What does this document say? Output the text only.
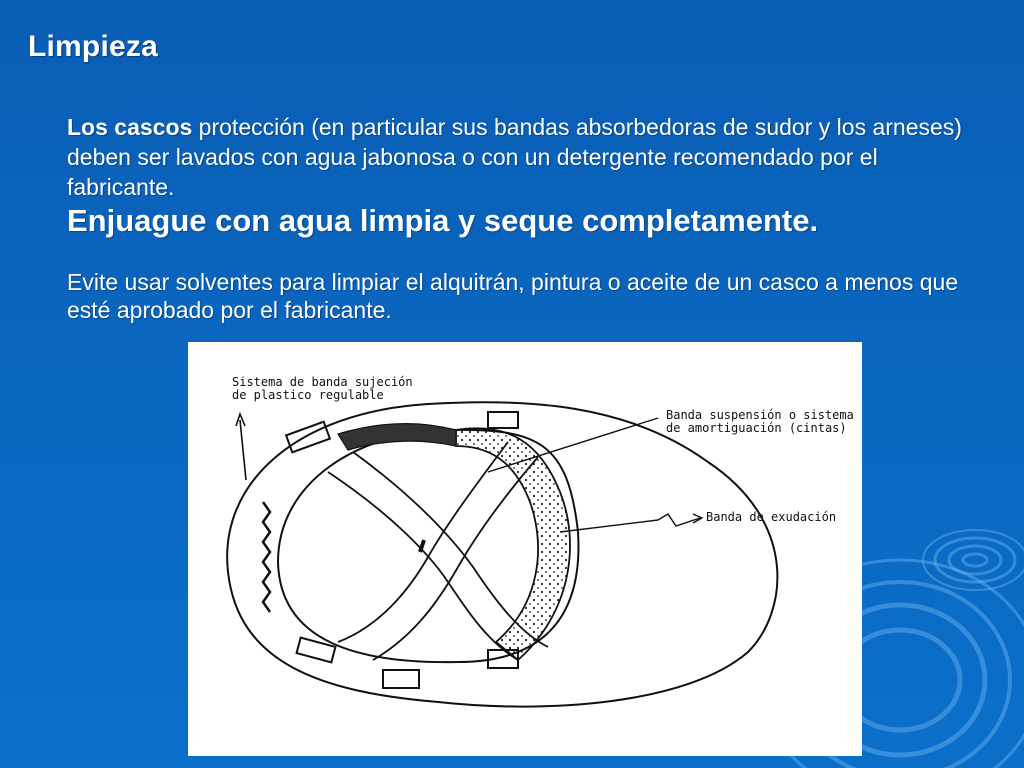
Limpieza

Los cascos protección (en particular sus bandas absorbedoras de sudor y los arneses) deben ser lavados con agua jabonosa o con un detergente recomendado por el fabricante.

Enjuague con agua limpia y seque completamente.

Evite usar solventes para limpiar el alquitrán, pintura o aceite de un casco a menos que esté aprobado por el fabricante.

Sistema de banda sujeción de plastico regulable
Banda suspensión o sistema de amortiguación (cintas)
Banda de exudación
